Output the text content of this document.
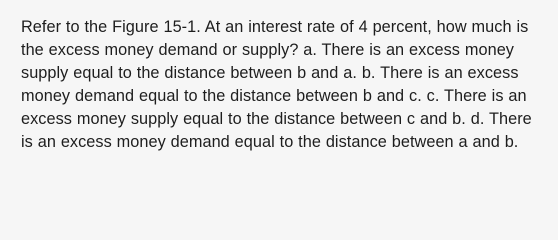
Refer to the Figure 15-1. At an interest rate of 4 percent, how much is the excess money demand or supply? a. There is an excess money supply equal to the distance between b and a. b. There is an excess money demand equal to the distance between b and c. c. There is an excess money supply equal to the distance between c and b. d. There is an excess money demand equal to the distance between a and b.
